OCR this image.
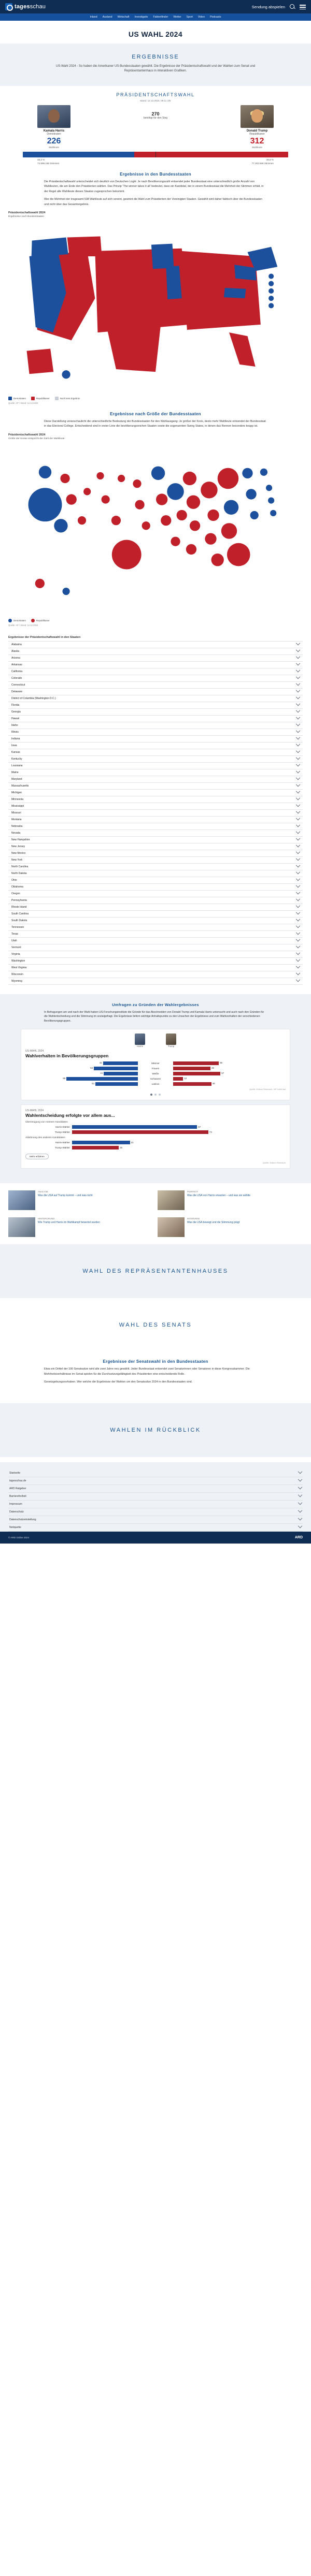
tagesschau	Sendung abspielen
Inland Ausland Wirtschaft Investigativ Faktenfinder Wetter Sport Video Podcasts
US WAHL 2024
ERGEBNISSE
US-Wahl 2024 - So haben die Amerikaner US-Bundesstaaten gewählt. Die Ergebnisse der Präsidentschaftswahl und der Wahlen zum Senat und Repräsentantenhaus in interaktiven Grafiken.
PRÄSIDENTSCHAFTSWAHL
Stand: 12.12.2024, 09:11 Uhr
Kamala Harris
Demokraten
226
Wahlleute
270
benötigt für den Sieg
Donald Trump
Republikaner
312
Wahlleute
48,3 %	49,8 %
74.999.166 Stimmen	77.303.568 Stimmen
Ergebnisse in den Bundesstaaten

Die Präsidentschaftswahl unterscheidet sich deutlich von Deutschen Logik: Je nach Bevölkerungszahl entsendet jeder Bundesstaat eine unterschiedlich große Anzahl von Wahlleuten, die am Ende den Präsidenten wählen. Das Prinzip 'The winner takes it all' bedeutet, dass ein Kandidat, der in einem Bundesstaat die Mehrheit der Stimmen erhält, in der Regel alle Wahlleute dieses Staates zugesprochen bekommt.

Wer die Mehrheit der insgesamt 538 Wahlleute auf sich vereint, gewinnt die Wahl zum Präsidenten der Vereinigten Staaten. Gewählt wird daher faktisch über die Bundesstaaten und nicht über das Gesamtergebnis.

Präsidentschaftswahl 2024
Ergebnisse nach Bundesstaaten
Demokraten	Republikaner	Noch kein Ergebnis
Quelle: AP / Stand: 12.12.2024
Ergebnisse nach Größe der Bundesstaaten

Diese Darstellung veranschaulicht die unterschiedliche Bedeutung der Bundesstaaten für den Wahlausgang: Je größer der Kreis, desto mehr Wahlleute entsendet der Bundesstaat in das Electoral College. Entscheidend sind in erster Linie die bevölkerungsreichen Staaten sowie die sogenannten Swing States, in denen das Rennen besonders knapp ist.

Präsidentschaftswahl 2024
Größe der Kreise entspricht der Zahl der Wahlleute
Demokraten	Republikaner
Quelle: AP / Stand: 12.12.2024
Ergebnisse der Präsidentschaftswahl in den Staaten
Alabama
Alaska
Arizona
Arkansas
California
Colorado
Connecticut
Delaware
District of Columbia (Washington D.C.)
Florida
Georgia
Hawaii
Idaho
Illinois
Indiana
Iowa
Kansas
Kentucky
Louisiana
Maine
Maryland
Massachusetts
Michigan
Minnesota
Mississippi
Missouri
Montana
Nebraska
Nevada
New Hampshire
New Jersey
New Mexico
New York
North Carolina
North Dakota
Ohio
Oklahoma
Oregon
Pennsylvania
Rhode Island
South Carolina
South Dakota
Tennessee
Texas
Utah
Vermont
Virginia
Washington
West Virginia
Wisconsin
Wyoming
Umfragen zu Gründen der Wahlergebnisses

In Befragungen am und nach der Wahl haben US-Forschungsinstitute die Gründe für das Abschneiden von Donald Trump und Kamala Harris untersucht und auch nach den Gründen für die Wahlentscheidung und die Stimmung im sozialgefragt. Die Ergebnisse liefern wichtige Anhaltspunkte zu den Ursachen der Ergebnisse und zum Wahlverhalten der verschiedenen Bevölkerungsgruppen.

Harris	Trump
US-WAHL 2024
Wahlverhalten in Bevölkerungsgruppen
42	Männer	55
53	Frauen	45
41	Weiße	57
86	Schwarze	12
51	Latinos	46
Quelle: Edison Research / AP VoteCast
US-WAHL 2024
Wahlentscheidung erfolgte vor allem aus...
Überzeugung von meinem Kandidaten
Harris-Wähler	67
Trump-Wähler	73
Ablehnung des anderen Kandidaten
Harris-Wähler	31
Trump-Wähler	25
Mehr erfahren
Quelle: Edison Research
ANALYSE
Was die USA auf Trump kommt – und was nicht
PORTRÄT
Was die USA von Harris erwarten – und was sie wählte
HINTERGRUND
Wie Trump und Harris im Wahlkampf bewertet wurden
INTERVIEW
Was die USA bewegt und die Stimmung prägt
WAHL DES REPRÄSENTANTENHAUSES
WAHL DES SENATS
Ergebnisse der Senatswahl in den Bundesstaaten

Etwa ein Drittel der 100 Senatssitze wird alle zwei Jahre neu gewählt. Jeder Bundesstaat entsendet zwei Senatorinnen oder Senatoren in diese Kongresskammer. Die Mehrheitsverhältnisse im Senat spielen für die Durchsetzungsfähigkeit des Präsidenten eine entscheidende Rolle.

Gesetzgebungsvorhaben. Wer welche die Ergebnisse der Wahlen um den Senatssitze 2024 in den Bundesstaaten sind.

WAHLEN IM RÜCKBLICK
Startseite
tagesschau.de
ARD Ratgeber
Barrierefreiheit
Impressum
Datenschutz
Datenschutzeinstellung
Netiquette
© ARD Online 2024	ARD
